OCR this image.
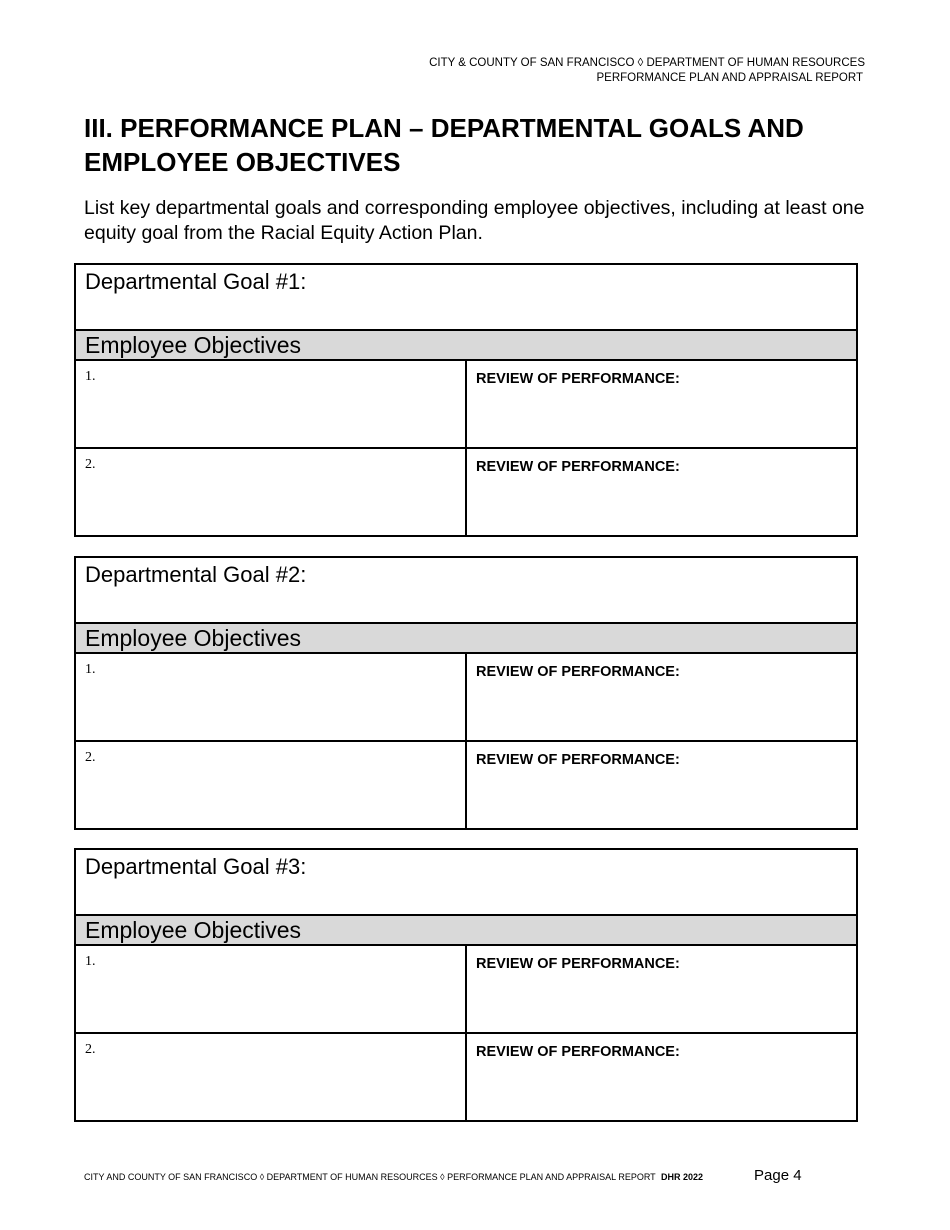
CITY & COUNTY OF SAN FRANCISCO ◊ DEPARTMENT OF HUMAN RESOURCES
PERFORMANCE PLAN AND APPRAISAL REPORT
III. PERFORMANCE PLAN – DEPARTMENTAL GOALS AND EMPLOYEE OBJECTIVES

List key departmental goals and corresponding employee objectives, including at least one equity goal from the Racial Equity Action Plan.

Departmental Goal #1:	
Employee Objectives	
1.	REVIEW OF PERFORMANCE:
2.	REVIEW OF PERFORMANCE:
Departmental Goal #2:	
Employee Objectives	
1.	REVIEW OF PERFORMANCE:
2.	REVIEW OF PERFORMANCE:
Departmental Goal #3:	
Employee Objectives	
1.	REVIEW OF PERFORMANCE:
2.	REVIEW OF PERFORMANCE:
CITY AND COUNTY OF SAN FRANCISCO ◊ DEPARTMENT OF HUMAN RESOURCES ◊ PERFORMANCE PLAN AND APPRAISAL REPORT DHR 2022	Page 4
